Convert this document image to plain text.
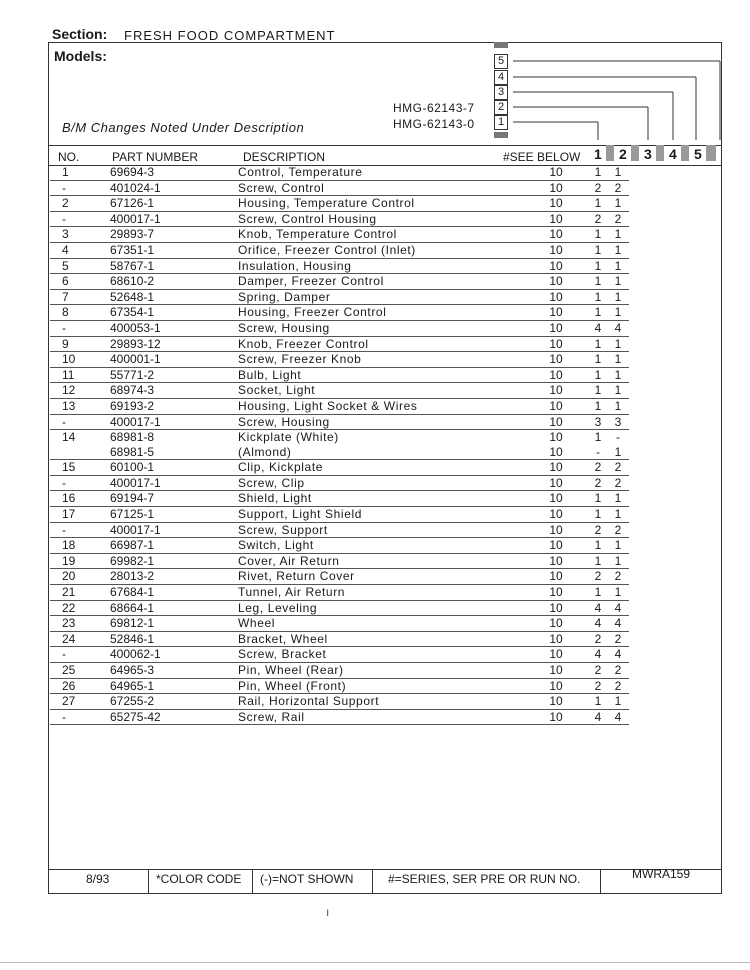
Section: FRESH FOOD COMPARTMENT
Models:	5
4
3
2
1
HMG-62143-7
HMG-62143-0
B/M Changes Noted Under Description
NO.	PART NUMBER	DESCRIPTION	#SEE BELOW 1 2 3 4 5
1	69694-3	Control, Temperature	10	1	1
-	401024-1	Screw, Control	10	2	2
2	67126-1	Housing, Temperature Control	10	1	1
-	400017-1	Screw, Control Housing	10	2	2
3	29893-7	Knob, Temperature Control	10	1	1
4	67351-1	Orifice, Freezer Control (Inlet)	10	1	1
5	58767-1	Insulation, Housing	10	1	1
6	68610-2	Damper, Freezer Control	10	1	1
7	52648-1	Spring, Damper	10	1	1
8	67354-1	Housing, Freezer Control	10	1	1
-	400053-1	Screw, Housing	10	4	4
9	29893-12	Knob, Freezer Control	10	1	1
10	400001-1	Screw, Freezer Knob	10	1	1
11	55771-2	Bulb, Light	10	1	1
12	68974-3	Socket, Light	10	1	1
13	69193-2	Housing, Light Socket & Wires	10	1	1
-	400017-1	Screw, Housing	10	3	3
14	68981-8	Kickplate (White)	10	1	-
	68981-5	(Almond)	10	-	1
15	60100-1	Clip, Kickplate	10	2	2
-	400017-1	Screw, Clip	10	2	2
16	69194-7	Shield, Light	10	1	1
17	67125-1	Support, Light Shield	10	1	1
-	400017-1	Screw, Support	10	2	2
18	66987-1	Switch, Light	10	1	1
19	69982-1	Cover, Air Return	10	1	1
20	28013-2	Rivet, Return Cover	10	2	2
21	67684-1	Tunnel, Air Return	10	1	1
22	68664-1	Leg, Leveling	10	4	4
23	69812-1	Wheel	10	4	4
24	52846-1	Bracket, Wheel	10	2	2
-	400062-1	Screw, Bracket	10	4	4
25	64965-3	Pin, Wheel (Rear)	10	2	2
26	64965-1	Pin, Wheel (Front)	10	2	2
27	67255-2	Rail, Horizontal Support	10	1	1
-	65275-42	Screw, Rail	10	4	4
8/93	*COLOR CODE (-)=NOT SHOWN	#=SERIES, SER PRE OR RUN NO.	MWRA159
ı
